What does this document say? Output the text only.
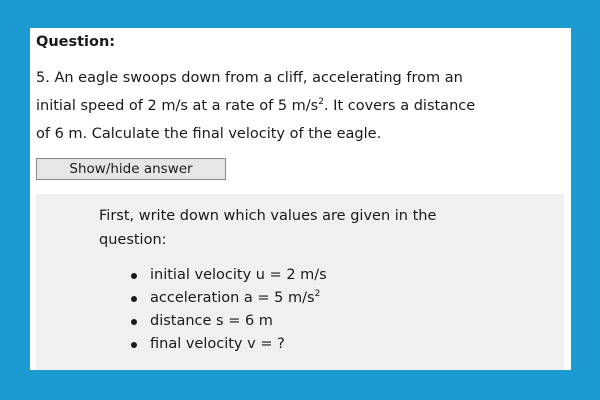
Question:

5. An eagle swoops down from a cliff, accelerating from an
initial speed of 2 m/s at a rate of 5 $m/s^2$. It covers a distance
of 6 m. Calculate the final velocity of the eagle.

Show/hide answer

First, write down which values are given in the
question:

initial velocity u = 2 m/s
acceleration a = 5 $m/s^2$
distance s = 6 m
final velocity v = ?
